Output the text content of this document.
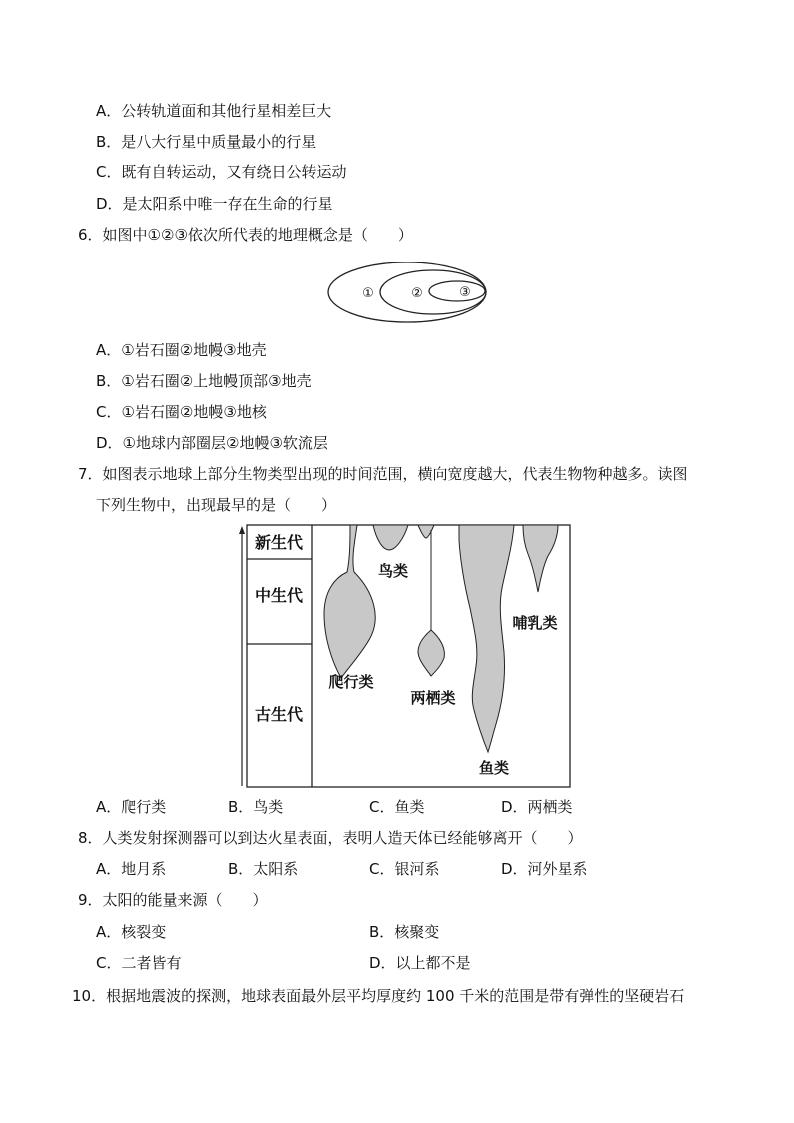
A．公转轨道面和其他行星相差巨大
B．是八大行星中质量最小的行星
C．既有自转运动，又有绕日公转运动
D．是太阳系中唯一存在生命的行星
6．如图中①②③依次所代表的地理概念是（　　）
①	②	③
A．①岩石圈②地幔③地壳
B．①岩石圈②上地幔顶部③地壳
C．①岩石圈②地幔③地核
D．①地球内部圈层②地幔③软流层
7．如图表示地球上部分生物类型出现的时间范围，横向宽度越大，代表生物物种越多。读图
下列生物中，出现最早的是（　　）
新生代
中生代
古生代
鸟类
哺乳类
爬行类
两栖类
鱼类
A．爬行类	B．鸟类	C．鱼类	D．两栖类
8．人类发射探测器可以到达火星表面，表明人造天体已经能够离开（　　）
A．地月系	B．太阳系	C．银河系	D．河外星系
9．太阳的能量来源（　　）
A．核裂变	B．核聚变
C．二者皆有	D．以上都不是
10．根据地震波的探测，地球表面最外层平均厚度约 100 千米的范围是带有弹性的坚硬岩石
